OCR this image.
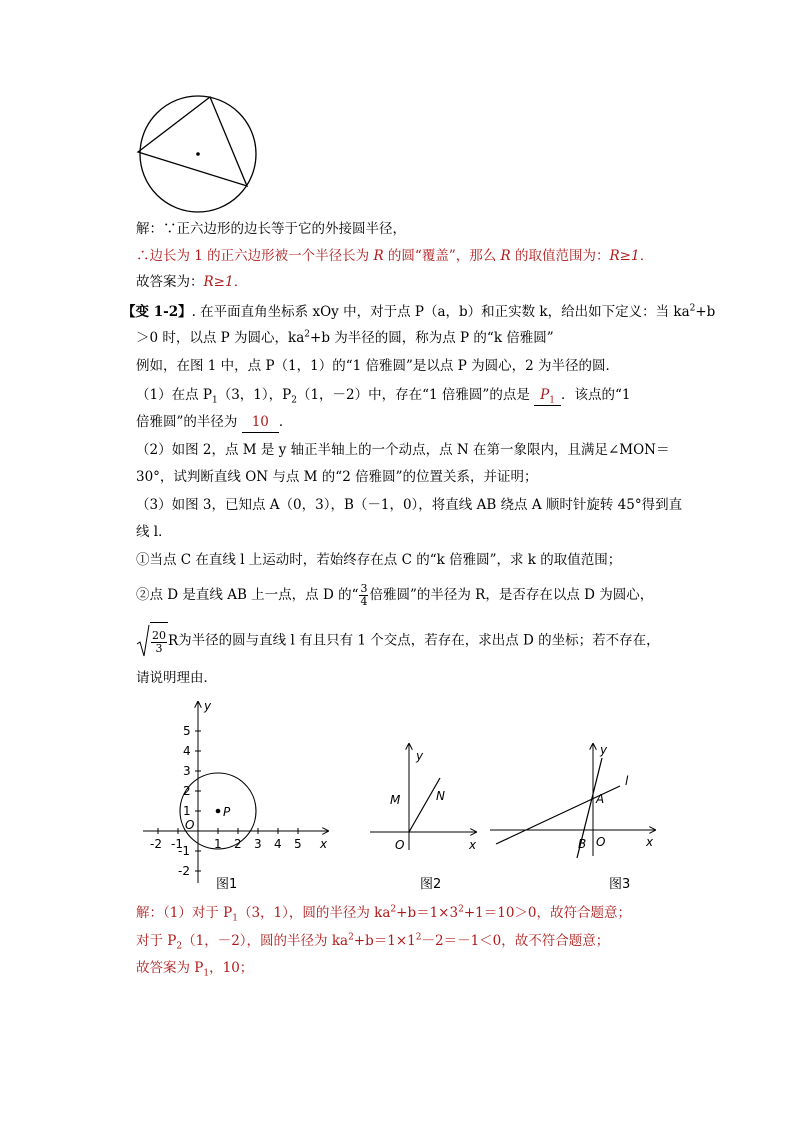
解：∵正六边形的边长等于它的外接圆半径，
∴边长为 1 的正六边形被一个半径长为 R 的圆“覆盖”，那么 R 的取值范围为：R≥1．
故答案为：R≥1．
【变 1-2】. 在平面直角坐标系 xOy 中，对于点 P（a，b）和正实数 k，给出如下定义：当 $ka^2+b$
＞0 时，以点 P 为圆心，$ka^2+b$ 为半径的圆，称为点 P 的“k 倍雅圆”
例如，在图 1 中，点 P（1，1）的“1 倍雅圆”是以点 P 为圆心，2 为半径的圆．
（1）在点 $P_1(3$，1），$P_2(1$，－2）中，存在“1 倍雅圆”的点是 $P_1$ ．该点的“1
倍雅圆”的半径为 10 ．
（2）如图 2，点 M 是 y 轴正半轴上的一个动点，点 N 在第一象限内，且满足∠MON＝
30°，试判断直线 ON 与点 M 的“2 倍雅圆”的位置关系，并证明；
（3）如图 3，已知点 A（0，3），B（－1，0），将直线 AB 绕点 A 顺时针旋转 45°得到直
线 l．
①当点 C 在直线 l 上运动时，若始终存在点 C 的“k 倍雅圆”，求 k 的取值范围；
②点 D 是直线 AB 上一点，点 D 的“ $\frac{3}{4}$ 倍雅圆”的半径为 R，是否存在以点 D 为圆心，
$\frac{20}{3}$ R 为半径的圆与直线 l 有且只有 1 个交点，若存在，求出点 D 的坐标；若不存在，
请说明理由．
-2 -1	1 2 3 4 5
5
4
3
2
1
-1
-2
O
P
x
y
图1
y
M	N
O	x
图2
l
A
B O
y
x
图3
解：（1）对于 $P_1(3$，1），圆的半径为 $ka^2+b=1\times 3^2+1=10>0$，故符合题意；
对于 $P_2(1$，－2），圆的半径为 $ka^2+b=1\times 1^2-2=-1<0$，故不符合题意；
故答案为 $P_1$，10；
